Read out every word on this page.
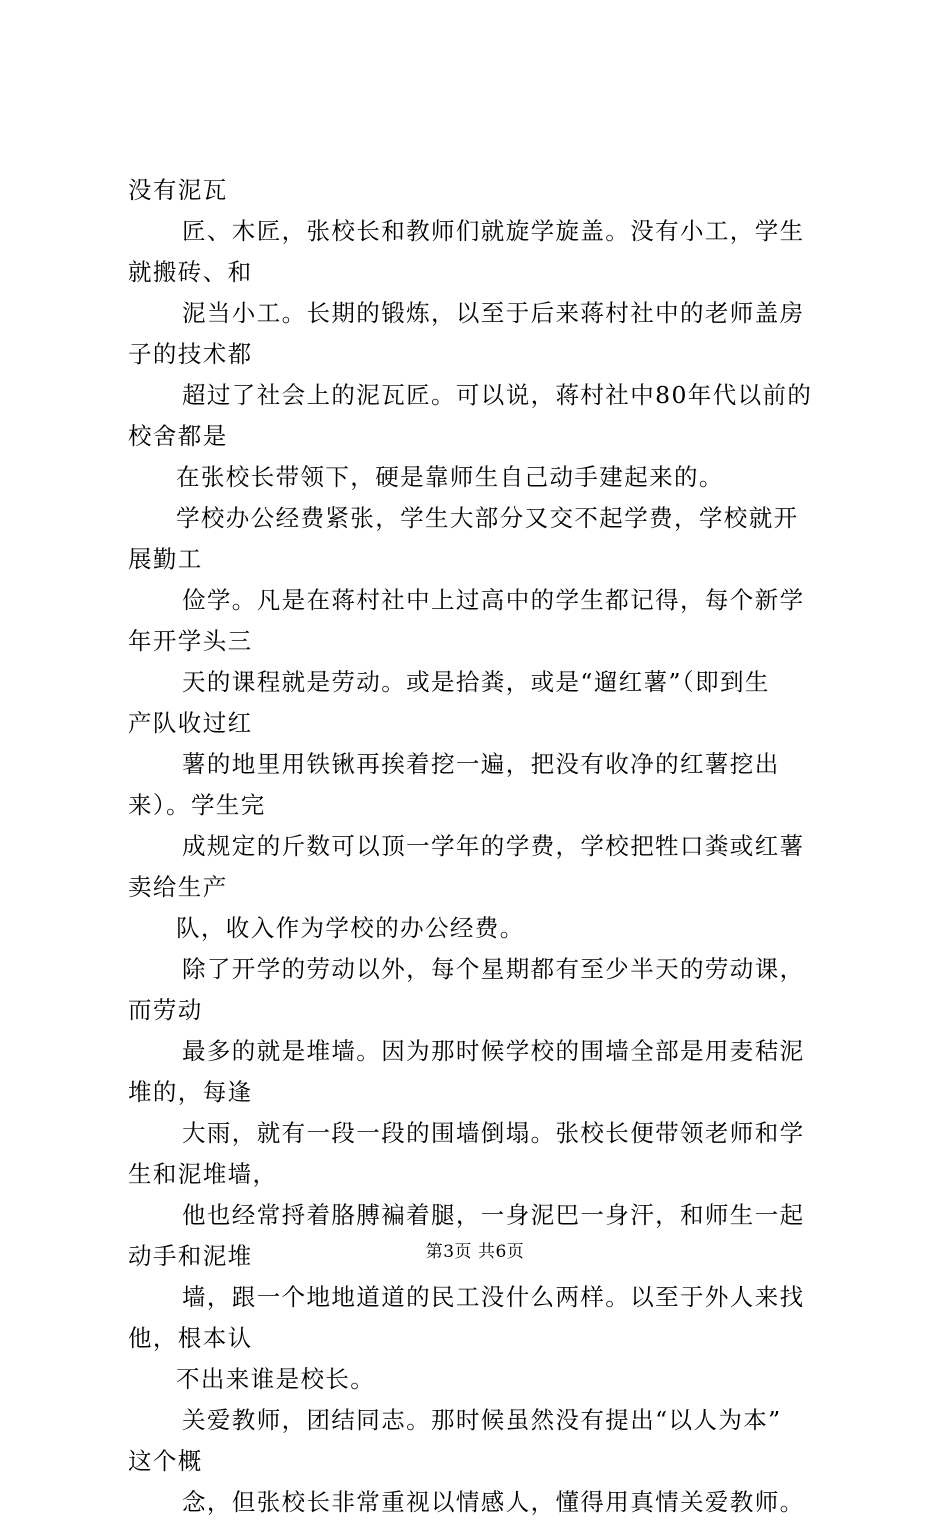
没有泥瓦
匠、木匠，张校长和教师们就旋学旋盖。没有小工，学生
就搬砖、和
泥当小工。长期的锻炼，以至于后来蒋村社中的老师盖房
子的技术都
超过了社会上的泥瓦匠。可以说，蒋村社中80年代以前的
校舍都是
在张校长带领下，硬是靠师生自己动手建起来的。
学校办公经费紧张，学生大部分又交不起学费，学校就开
展勤工
俭学。凡是在蒋村社中上过高中的学生都记得，每个新学
年开学头三
天的课程就是劳动。或是拾粪，或是“遛红薯”（即到生
产队收过红
薯的地里用铁锹再挨着挖一遍，把没有收净的红薯挖出
来）。学生完
成规定的斤数可以顶一学年的学费，学校把牲口粪或红薯
卖给生产
队，收入作为学校的办公经费。
除了开学的劳动以外，每个星期都有至少半天的劳动课，
而劳动
最多的就是堆墙。因为那时候学校的围墙全部是用麦秸泥
堆的，每逢
大雨，就有一段一段的围墙倒塌。张校长便带领老师和学
生和泥堆墙，
他也经常捋着胳膊褊着腿，一身泥巴一身汗，和师生一起
动手和泥堆
墙，跟一个地地道道的民工没什么两样。以至于外人来找
他，根本认
不出来谁是校长。
关爱教师，团结同志。那时候虽然没有提出“以人为本”
这个概
念，但张校长非常重视以情感人，懂得用真情关爱教师。
第3页 共6页
